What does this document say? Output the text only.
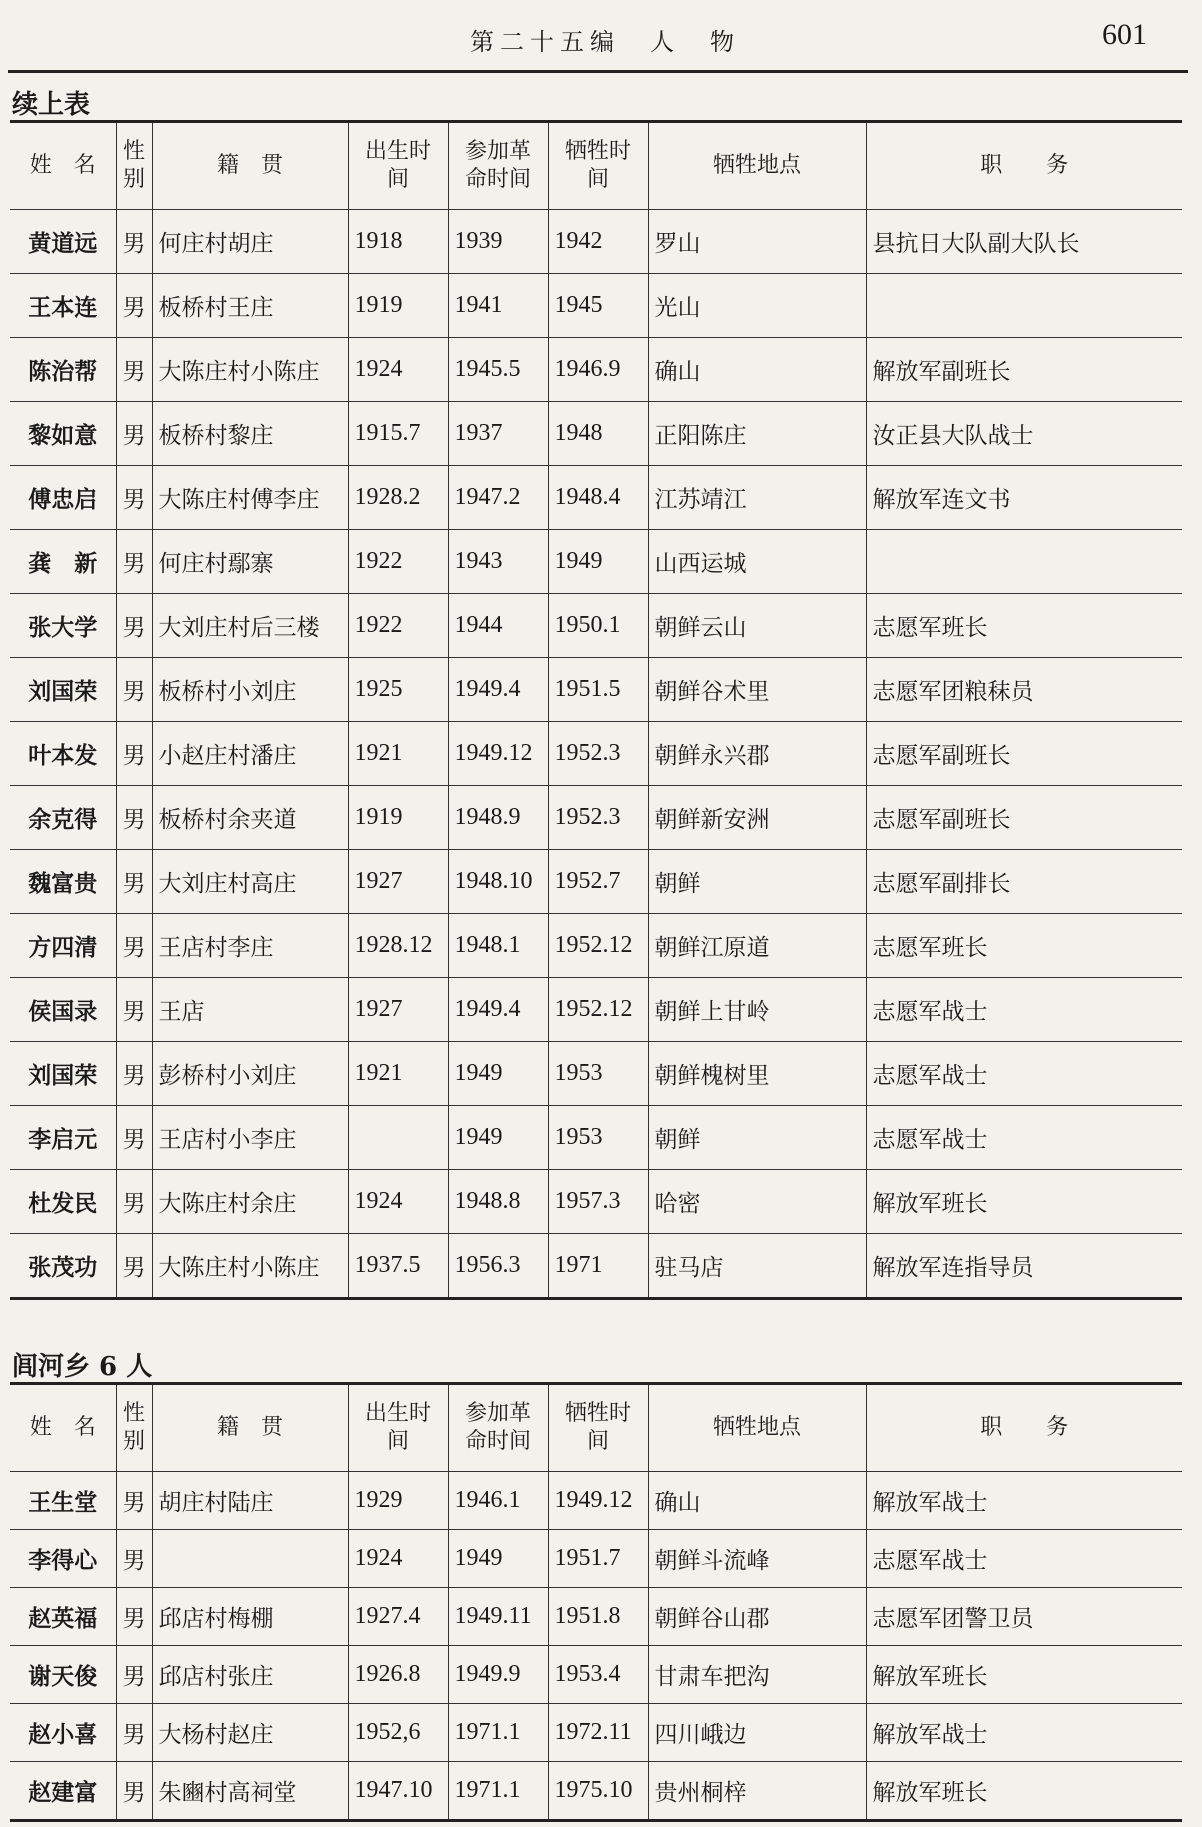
第二十五编　人　物	601
续上表
姓　名	性别	籍　贯	出生时间	参加革命时间	牺牲时间	牺牲地点	职　　务
黄道远	男	何庄村胡庄	1918	1939	1942	罗山	县抗日大队副大队长
王本连	男	板桥村王庄	1919	1941	1945	光山	
陈治帮	男	大陈庄村小陈庄	1924	1945.5	1946.9	确山	解放军副班长
黎如意	男	板桥村黎庄	1915.7	1937	1948	正阳陈庄	汝正县大队战士
傅忠启	男	大陈庄村傅李庄	1928.2	1947.2	1948.4	江苏靖江	解放军连文书
龚　新	男	何庄村鄢寨	1922	1943	1949	山西运城	
张大学	男	大刘庄村后三楼	1922	1944	1950.1	朝鲜云山	志愿军班长
刘国荣	男	板桥村小刘庄	1925	1949.4	1951.5	朝鲜谷术里	志愿军团粮秣员
叶本发	男	小赵庄村潘庄	1921	1949.12	1952.3	朝鲜永兴郡	志愿军副班长
余克得	男	板桥村余夹道	1919	1948.9	1952.3	朝鲜新安洲	志愿军副班长
魏富贵	男	大刘庄村高庄	1927	1948.10	1952.7	朝鲜	志愿军副排长
方四清	男	王店村李庄	1928.12	1948.1	1952.12	朝鲜江原道	志愿军班长
侯国录	男	王店	1927	1949.4	1952.12	朝鲜上甘岭	志愿军战士
刘国荣	男	彭桥村小刘庄	1921	1949	1953	朝鲜槐树里	志愿军战士
李启元	男	王店村小李庄		1949	1953	朝鲜	志愿军战士
杜发民	男	大陈庄村余庄	1924	1948.8	1957.3	哈密	解放军班长
张茂功	男	大陈庄村小陈庄	1937.5	1956.3	1971	驻马店	解放军连指导员
闾河乡 6 人
姓　名	性别	籍　贯	出生时间	参加革命时间	牺牲时间	牺牲地点	职　　务
王生堂	男	胡庄村陆庄	1929	1946.1	1949.12	确山	解放军战士
李得心	男		1924	1949	1951.7	朝鲜斗流峰	志愿军战士
赵英福	男	邱店村梅棚	1927.4	1949.11	1951.8	朝鲜谷山郡	志愿军团警卫员
谢天俊	男	邱店村张庄	1926.8	1949.9	1953.4	甘肃车把沟	解放军班长
赵小喜	男	大杨村赵庄	1952,6	1971.1	1972.11	四川峨边	解放军战士
赵建富	男	朱豳村高祠堂	1947.10	1971.1	1975.10	贵州桐梓	解放军班长
